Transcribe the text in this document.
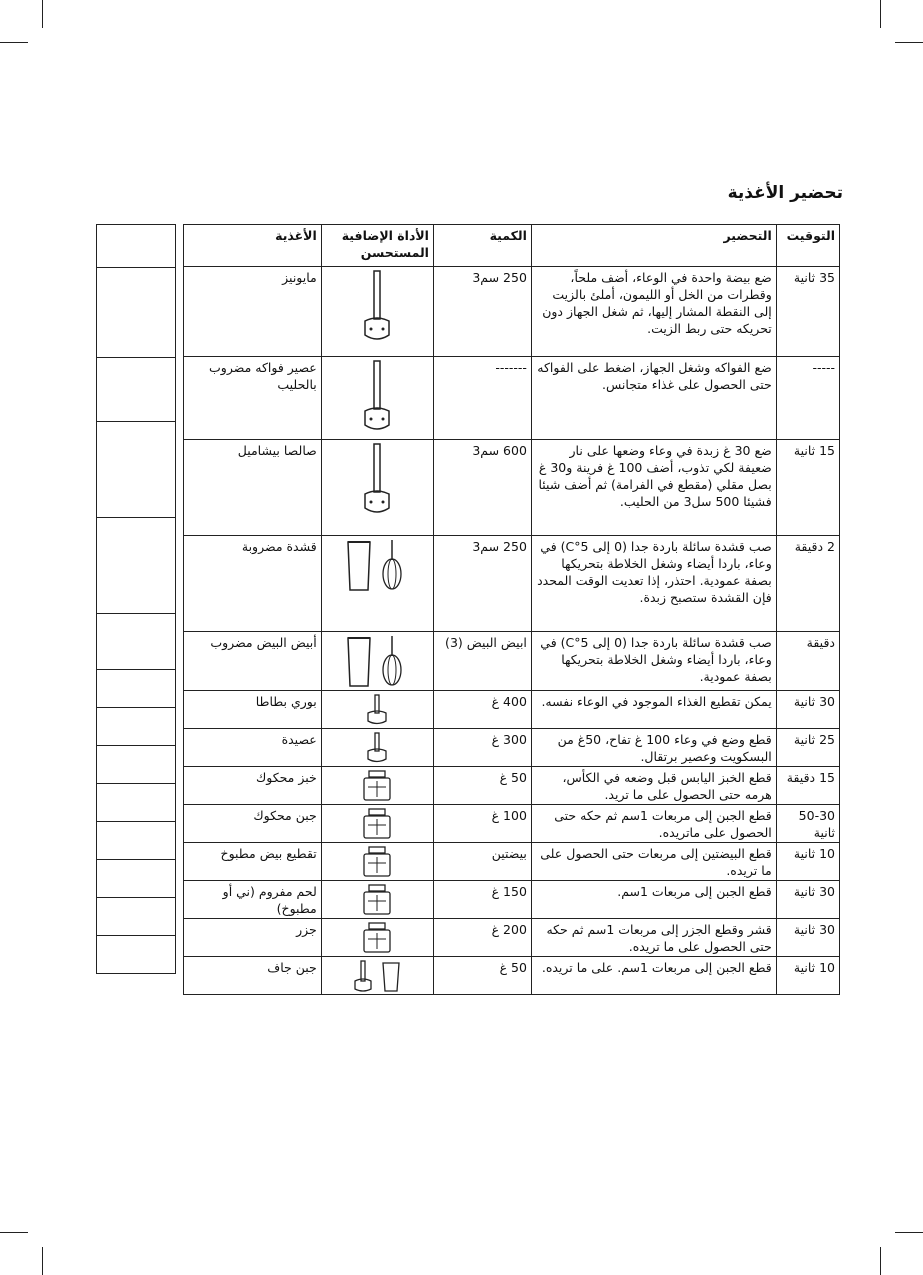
تحضير الأغذية
التوقيت	التحضير	الكمية	الأداة الإضافية المستحسن	الأغذية
35 ثانية	ضع بيضة واحدة في الوعاء، أضف ملحاً، وقطرات من الخل أو الليمون، أملئ بالزيت إلى النقطة المشار إليها، ثم شغل الجهاز دون تحريكه حتى ربط الزيت.	250 سم3		مايونيز
-----	ضع الفواكه وشغل الجهاز، اضغط على الفواكه حتى الحصول على غذاء متجانس.	-------		عصير فواكه مضروب بالحليب
15 ثانية	ضع 30 غ زبدة في وعاء وضعها على نار ضعيفة لكي تذوب، أضف 100 غ فرينة و30 غ بصل مقلي (مقطع في الفرامة) ثم أضف شيئا فشيئا 500 سل3 من الحليب.	600 سم3		صالصا بيشاميل
2 دقيقة	صب قشدة سائلة باردة جدا (0 إلى C°5) في وعاء، باردا أيضاء وشغل الخلاطة بتحريكها بصفة عمودية. احتذر، إذا تعديت الوقت المحدد فإن القشدة ستصبح زبدة.	250 سم3		قشدة مضروبة
دقيقة	صب قشدة سائلة باردة جدا (0 إلى C°5) في وعاء، باردا أيضاء وشغل الخلاطة بتحريكها بصفة عمودية.	ابيض البيض (3)		أبيض البيض مضروب
30 ثانية	يمكن تقطيع الغذاء الموجود في الوعاء نفسه.	400 غ		بوري بطاطا
25 ثانية	قطع وضع في وعاء 100 غ تفاح، 50غ من البسكويت وعصير برتقال.	300 غ		عصيدة
15 دقيقة	قطع الخبز اليابس قبل وضعه في الكأس، هرمه حتى الحصول على ما تريد.	50 غ		خبز محكوك
50-30 ثانية	قطع الجبن إلى مربعات 1سم ثم حكه حتى الحصول على ماتريده.	100 غ		جبن محكوك
10 ثانية	قطع البيضتين إلى مربعات حتى الحصول على ما تريده.	بيضتين		تقطيع بيض مطبوخ
30 ثانية	قطع الجبن إلى مربعات 1سم.	150 غ		لحم مفروم (ني أو مطبوخ)
30 ثانية	قشر وقطع الجزر إلى مربعات 1سم ثم حكه حتى الحصول على ما تريده.	200 غ		جزر
10 ثانية	قطع الجبن إلى مربعات 1سم. على ما تريده.	50 غ		جبن جاف
